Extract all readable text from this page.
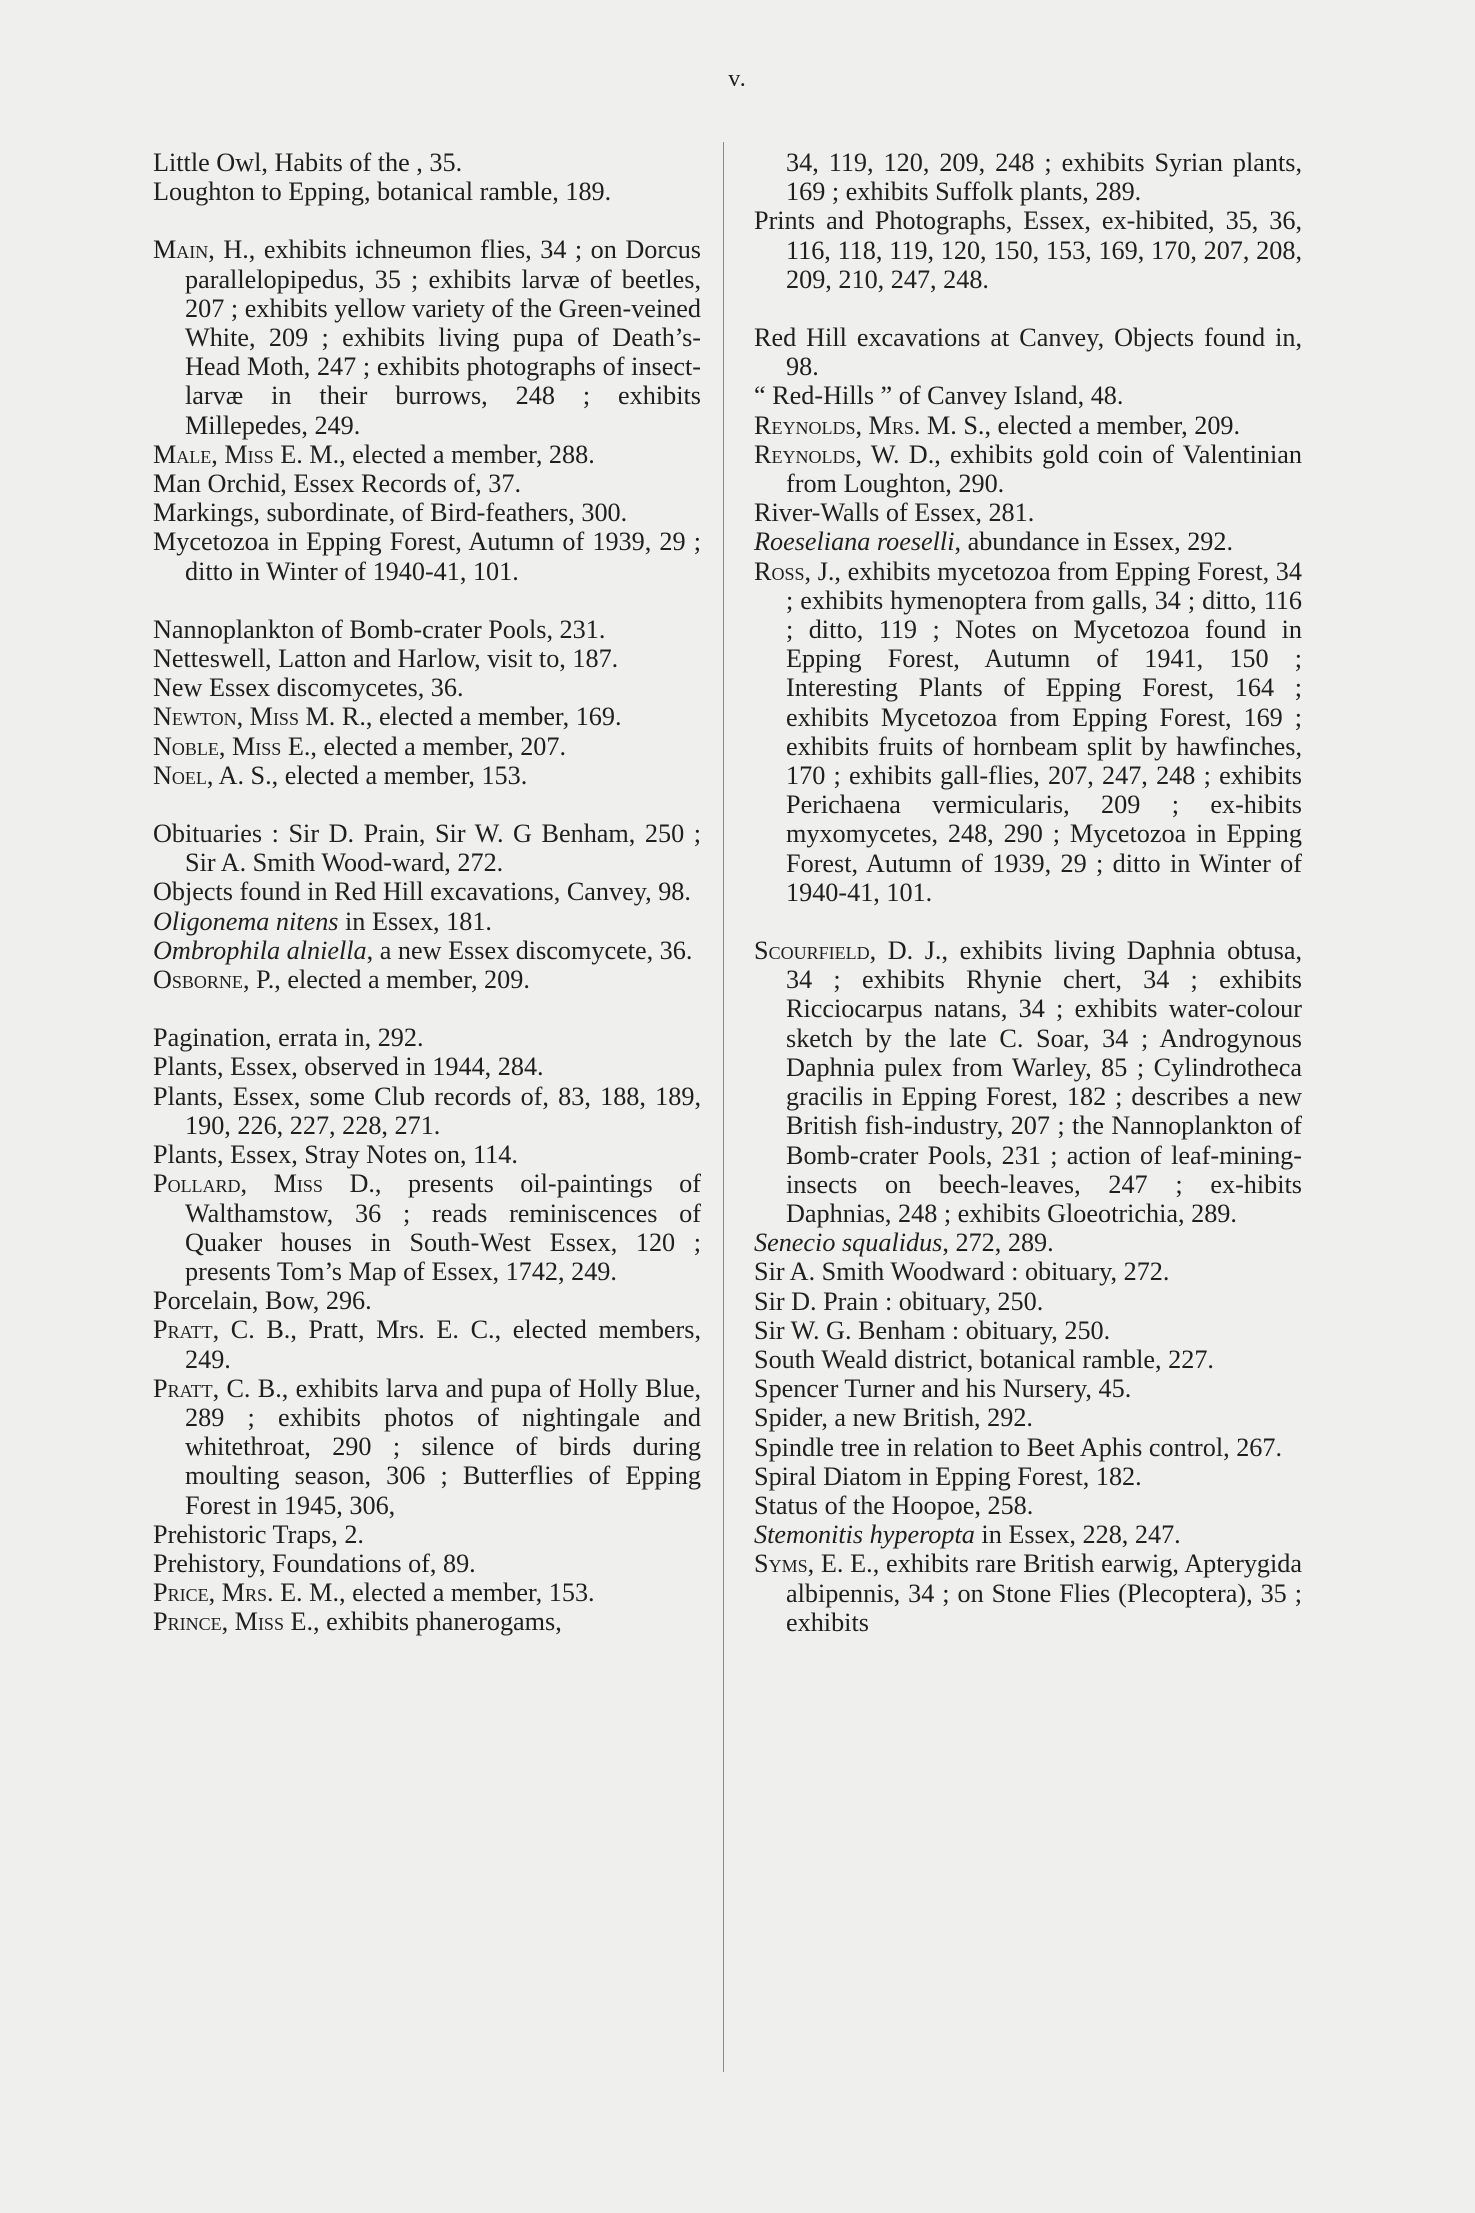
v.

Little Owl, Habits of the , 35.

Loughton to Epping, botanical ramble, 189.

Main, H., exhibits ichneumon flies, 34 ; on Dorcus parallelopipedus, 35 ; exhibits larvæ of beetles, 207 ; exhibits yellow variety of the Green-veined White, 209 ; exhibits living pupa of Death’s-Head Moth, 247 ; exhibits photographs of insect-larvæ in their burrows, 248 ; exhibits Millepedes, 249.

Male, Miss E. M., elected a member, 288.

Man Orchid, Essex Records of, 37.

Markings, subordinate, of Bird-feathers, 300.

Mycetozoa in Epping Forest, Autumn of 1939, 29 ; ditto in Winter of 1940-41, 101.

Nannoplankton of Bomb-crater Pools, 231.

Netteswell, Latton and Harlow, visit to, 187.

New Essex discomycetes, 36.

Newton, Miss M. R., elected a member, 169.

Noble, Miss E., elected a member, 207.

Noel, A. S., elected a member, 153.

Obituaries : Sir D. Prain, Sir W. G Benham, 250 ; Sir A. Smith Wood-ward, 272.

Objects found in Red Hill excavations, Canvey, 98.

Oligonema nitens in Essex, 181.

Ombrophila alniella, a new Essex discomycete, 36.

Osborne, P., elected a member, 209.

Pagination, errata in, 292.

Plants, Essex, observed in 1944, 284.

Plants, Essex, some Club records of, 83, 188, 189, 190, 226, 227, 228, 271.

Plants, Essex, Stray Notes on, 114.

Pollard, Miss D., presents oil-paintings of Walthamstow, 36 ; reads reminiscences of Quaker houses in South-West Essex, 120 ; presents Tom’s Map of Essex, 1742, 249.

Porcelain, Bow, 296.

Pratt, C. B., Pratt, Mrs. E. C., elected members, 249.

Pratt, C. B., exhibits larva and pupa of Holly Blue, 289 ; exhibits photos of nightingale and whitethroat, 290 ; silence of birds during moulting season, 306 ; Butterflies of Epping Forest in 1945, 306,

Prehistoric Traps, 2.

Prehistory, Foundations of, 89.

Price, Mrs. E. M., elected a member, 153.

Prince, Miss E., exhibits phanerogams,

34, 119, 120, 209, 248 ; exhibits Syrian plants, 169 ; exhibits Suffolk plants, 289.

Prints and Photographs, Essex, ex-hibited, 35, 36, 116, 118, 119, 120, 150, 153, 169, 170, 207, 208, 209, 210, 247, 248.

Red Hill excavations at Canvey, Objects found in, 98.

“ Red-Hills ” of Canvey Island, 48.

Reynolds, Mrs. M. S., elected a member, 209.

Reynolds, W. D., exhibits gold coin of Valentinian from Loughton, 290.

River-Walls of Essex, 281.

Roeseliana roeselli, abundance in Essex, 292.

Ross, J., exhibits mycetozoa from Epping Forest, 34 ; exhibits hymenoptera from galls, 34 ; ditto, 116 ; ditto, 119 ; Notes on Mycetozoa found in Epping Forest, Autumn of 1941, 150 ; Interesting Plants of Epping Forest, 164 ; exhibits Mycetozoa from Epping Forest, 169 ; exhibits fruits of hornbeam split by hawfinches, 170 ; exhibits gall-flies, 207, 247, 248 ; exhibits Perichaena vermicularis, 209 ; ex-hibits myxomycetes, 248, 290 ; Mycetozoa in Epping Forest, Autumn of 1939, 29 ; ditto in Winter of 1940-41, 101.

Scourfield, D. J., exhibits living Daphnia obtusa, 34 ; exhibits Rhynie chert, 34 ; exhibits Ricciocarpus natans, 34 ; exhibits water-colour sketch by the late C. Soar, 34 ; Androgynous Daphnia pulex from Warley, 85 ; Cylindrotheca gracilis in Epping Forest, 182 ; describes a new British fish-industry, 207 ; the Nannoplankton of Bomb-crater Pools, 231 ; action of leaf-mining-insects on beech-leaves, 247 ; ex-hibits Daphnias, 248 ; exhibits Gloeotrichia, 289.

Senecio squalidus, 272, 289.

Sir A. Smith Woodward : obituary, 272.

Sir D. Prain : obituary, 250.

Sir W. G. Benham : obituary, 250.

South Weald district, botanical ramble, 227.

Spencer Turner and his Nursery, 45.

Spider, a new British, 292.

Spindle tree in relation to Beet Aphis control, 267.

Spiral Diatom in Epping Forest, 182.

Status of the Hoopoe, 258.

Stemonitis hyperopta in Essex, 228, 247.

Syms, E. E., exhibits rare British earwig, Apterygida albipennis, 34 ; on Stone Flies (Plecoptera), 35 ; exhibits
